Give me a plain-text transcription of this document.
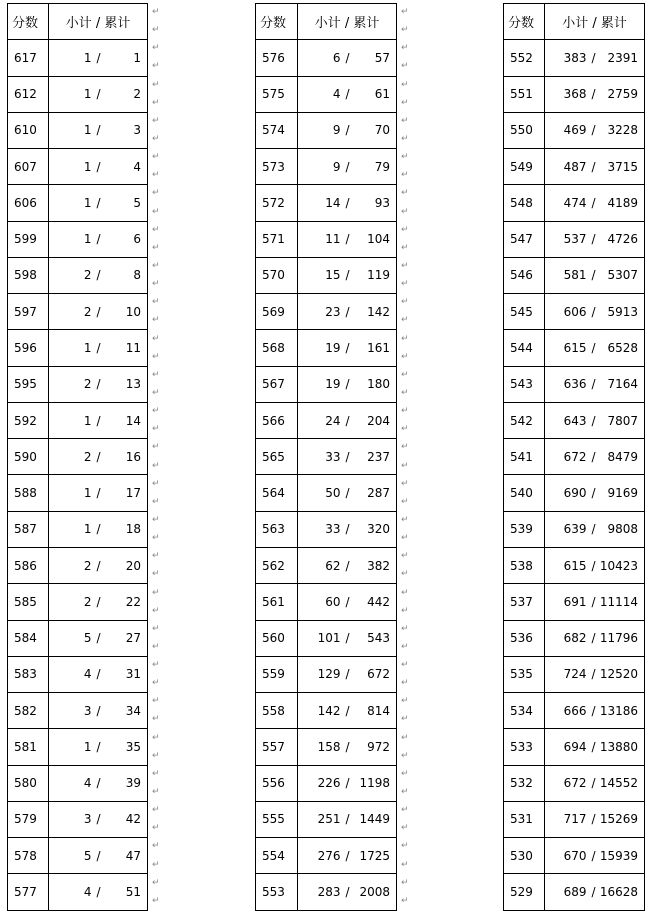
分数	小计 / 累计		
617	1	/	1
612	1	/	2
610	1	/	3
607	1	/	4
606	1	/	5
599	1	/	6
598	2	/	8
597	2	/	10
596	1	/	11
595	2	/	13
592	1	/	14
590	2	/	16
588	1	/	17
587	1	/	18
586	2	/	20
585	2	/	22
584	5	/	27
583	4	/	31
582	3	/	34
581	1	/	35
580	4	/	39
579	3	/	42
578	5	/	47
577	4	/	51
分数	小计 / 累计		
576	6	/	57
575	4	/	61
574	9	/	70
573	9	/	79
572	14	/	93
571	11	/	104
570	15	/	119
569	23	/	142
568	19	/	161
567	19	/	180
566	24	/	204
565	33	/	237
564	50	/	287
563	33	/	320
562	62	/	382
561	60	/	442
560	101	/	543
559	129	/	672
558	142	/	814
557	158	/	972
556	226	/	1198
555	251	/	1449
554	276	/	1725
553	283	/	2008
分数	小计 / 累计		
552	383	/	2391
551	368	/	2759
550	469	/	3228
549	487	/	3715
548	474	/	4189
547	537	/	4726
546	581	/	5307
545	606	/	5913
544	615	/	6528
543	636	/	7164
542	643	/	7807
541	672	/	8479
540	690	/	9169
539	639	/	9808
538	615	/	10423
537	691	/	11114
536	682	/	11796
535	724	/	12520
534	666	/	13186
533	694	/	13880
532	672	/	14552
531	717	/	15269
530	670	/	15939
529	689	/	16628
↵
↵
↵
↵
↵
↵
↵
↵
↵
↵
↵
↵
↵
↵
↵
↵
↵
↵
↵
↵
↵
↵
↵
↵
↵
↵
↵
↵
↵
↵
↵
↵
↵
↵
↵
↵
↵
↵
↵
↵
↵
↵
↵
↵
↵
↵
↵
↵
↵
↵
↵
↵
↵
↵
↵
↵
↵
↵
↵
↵
↵
↵
↵
↵
↵
↵
↵
↵
↵
↵
↵
↵
↵
↵
↵
↵
↵
↵
↵
↵
↵
↵
↵
↵
↵
↵
↵
↵
↵
↵
↵
↵
↵
↵
↵
↵
↵
↵
↵
↵
